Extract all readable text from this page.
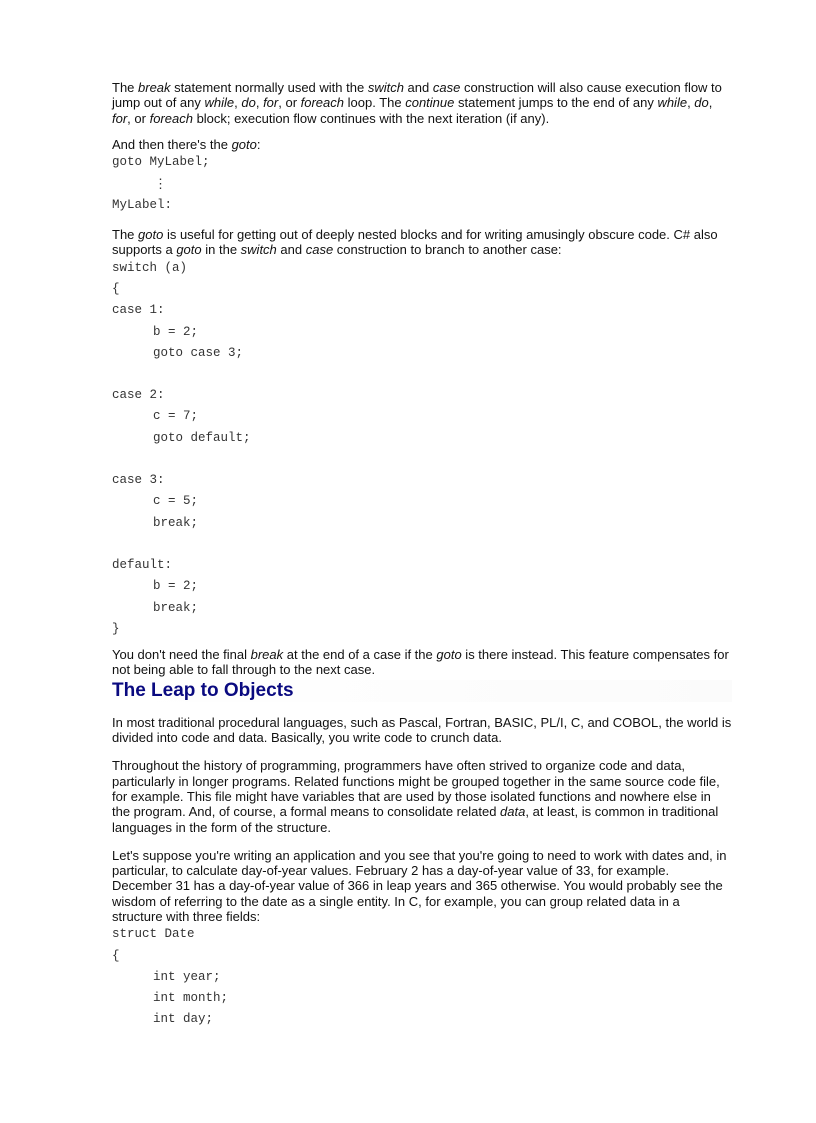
The break statement normally used with the switch and case construction will also cause execution flow to jump out of any while, do, for, or foreach loop. The continue statement jumps to the end of any while, do, for, or foreach block; execution flow continues with the next iteration (if any).

And then there's the goto:

goto MyLabel;
⋮
MyLabel:

The goto is useful for getting out of deeply nested blocks and for writing amusingly obscure code. C# also supports a goto in the switch and case construction to branch to another case:

switch (a)
{
case 1:
b = 2;
goto case 3;
case 2:
c = 7;
goto default;
case 3:
c = 5;
break;
default:
b = 2;
break;
}

You don't need the final break at the end of a case if the goto is there instead. This feature compensates for not being able to fall through to the next case.

The Leap to Objects

In most traditional procedural languages, such as Pascal, Fortran, BASIC, PL/I, C, and COBOL, the world is divided into code and data. Basically, you write code to crunch data.

Throughout the history of programming, programmers have often strived to organize code and data, particularly in longer programs. Related functions might be grouped together in the same source code file, for example. This file might have variables that are used by those isolated functions and nowhere else in the program. And, of course, a formal means to consolidate related data, at least, is common in traditional languages in the form of the structure.

Let's suppose you're writing an application and you see that you're going to need to work with dates and, in particular, to calculate day-of-year values. February 2 has a day-of-year value of 33, for example. December 31 has a day-of-year value of 366 in leap years and 365 otherwise. You would probably see the wisdom of referring to the date as a single entity. In C, for example, you can group related data in a structure with three fields:

struct Date
{
int year;
int month;
int day;
